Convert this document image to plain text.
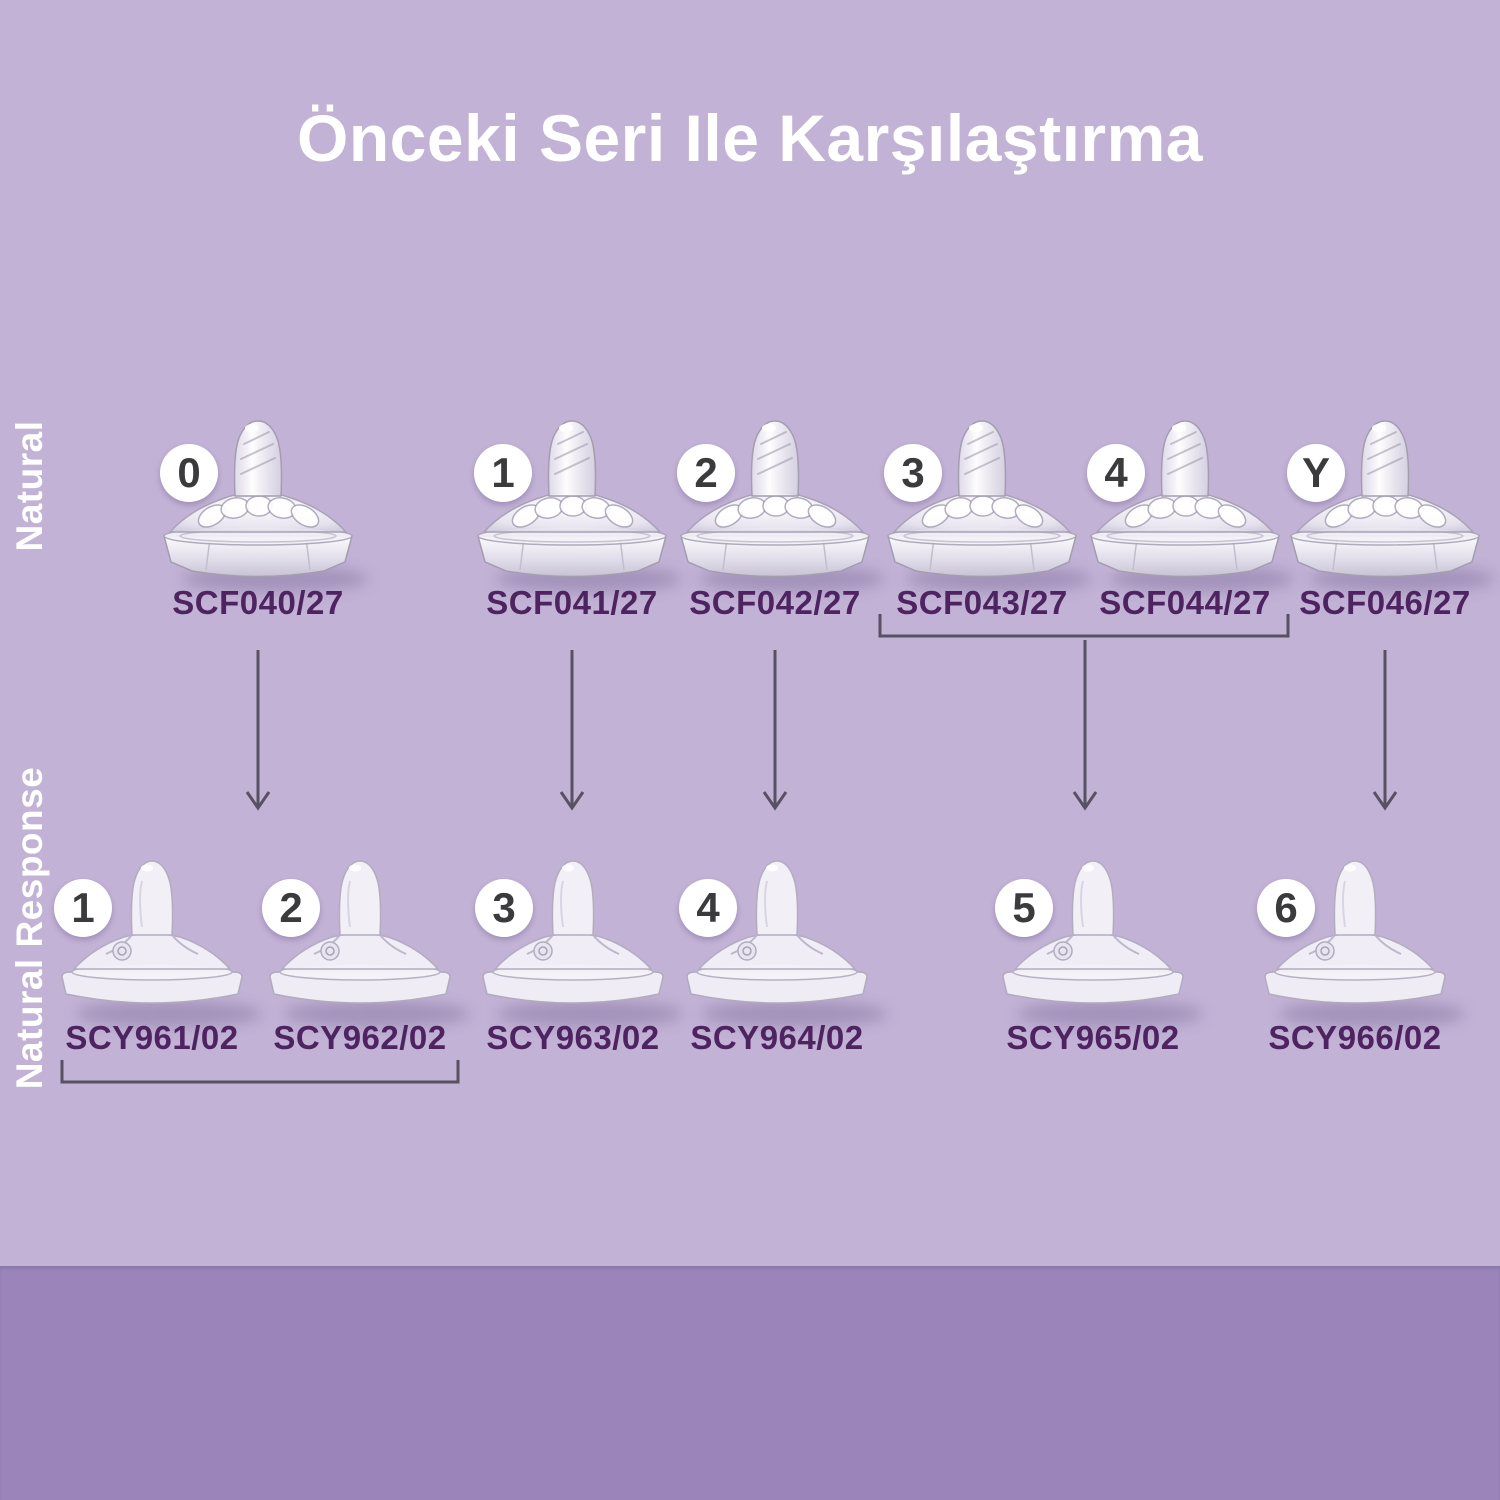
Önceki Seri Ile Karşılaştırma
Natural
Natural Response
0
SCF040/27
1
SCF041/27
2
SCF042/27
3
SCF043/27
4
SCF044/27
Y
SCF046/27
1
SCY961/02
2
SCY962/02
3
SCY963/02
4
SCY964/02
5
SCY965/02
6
SCY966/02
